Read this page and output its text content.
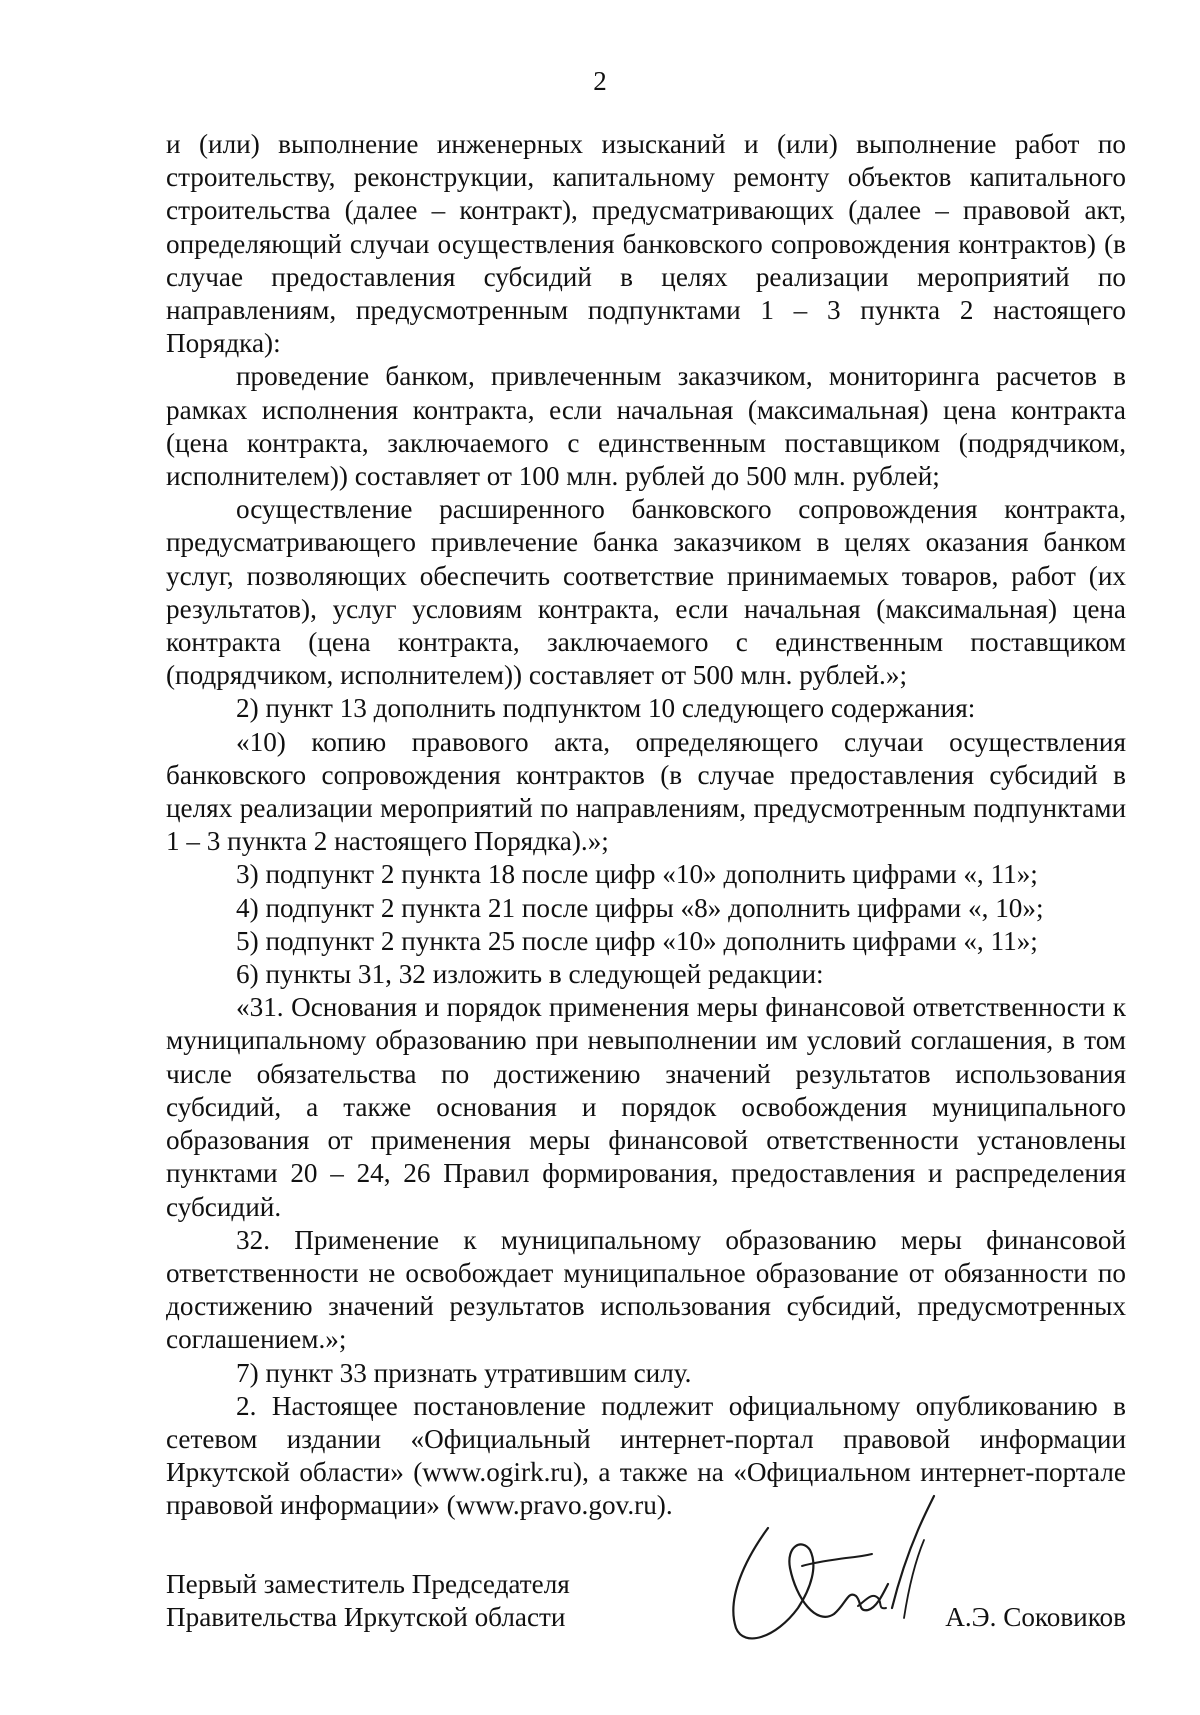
2

и (или) выполнение инженерных изысканий и (или) выполнение работ по строительству, реконструкции, капитальному ремонту объектов капитального строительства (далее – контракт), предусматривающих (далее – правовой акт, определяющий случаи осуществления банковского сопровождения контрактов) (в случае предоставления субсидий в целях реализации мероприятий по направлениям, предусмотренным подпунктами 1 – 3 пункта 2 настоящего Порядка):

проведение банком, привлеченным заказчиком, мониторинга расчетов в рамках исполнения контракта, если начальная (максимальная) цена контракта (цена контракта, заключаемого с единственным поставщиком (подрядчиком, исполнителем)) составляет от 100 млн. рублей до 500 млн. рублей;

осуществление расширенного банковского сопровождения контракта, предусматривающего привлечение банка заказчиком в целях оказания банком услуг, позволяющих обеспечить соответствие принимаемых товаров, работ (их результатов), услуг условиям контракта, если начальная (максимальная) цена контракта (цена контракта, заключаемого с единственным поставщиком (подрядчиком, исполнителем)) составляет от 500 млн. рублей.»;

2) пункт 13 дополнить подпунктом 10 следующего содержания:

«10) копию правового акта, определяющего случаи осуществления банковского сопровождения контрактов (в случае предоставления субсидий в целях реализации мероприятий по направлениям, предусмотренным подпунктами 1 – 3 пункта 2 настоящего Порядка).»;

3) подпункт 2 пункта 18 после цифр «10» дополнить цифрами «, 11»;

4) подпункт 2 пункта 21 после цифры «8» дополнить цифрами «, 10»;

5) подпункт 2 пункта 25 после цифр «10» дополнить цифрами «, 11»;

6) пункты 31, 32 изложить в следующей редакции:

«31. Основания и порядок применения меры финансовой ответственности к муниципальному образованию при невыполнении им условий соглашения, в том числе обязательства по достижению значений результатов использования субсидий, а также основания и порядок освобождения муниципального образования от применения меры финансовой ответственности установлены пунктами 20 – 24, 26 Правил формирования, предоставления и распределения субсидий.

32. Применение к муниципальному образованию меры финансовой ответственности не освобождает муниципальное образование от обязанности по достижению значений результатов использования субсидий, предусмотренных соглашением.»;

7) пункт 33 признать утратившим силу.

2. Настоящее постановление подлежит официальному опубликованию в сетевом издании «Официальный интернет-портал правовой информации Иркутской области» (www.ogirk.ru), а также на «Официальном интернет-портале правовой информации» (www.pravo.gov.ru).

Первый заместитель Председателя
Правительства Иркутской области	А.Э. Соковиков
